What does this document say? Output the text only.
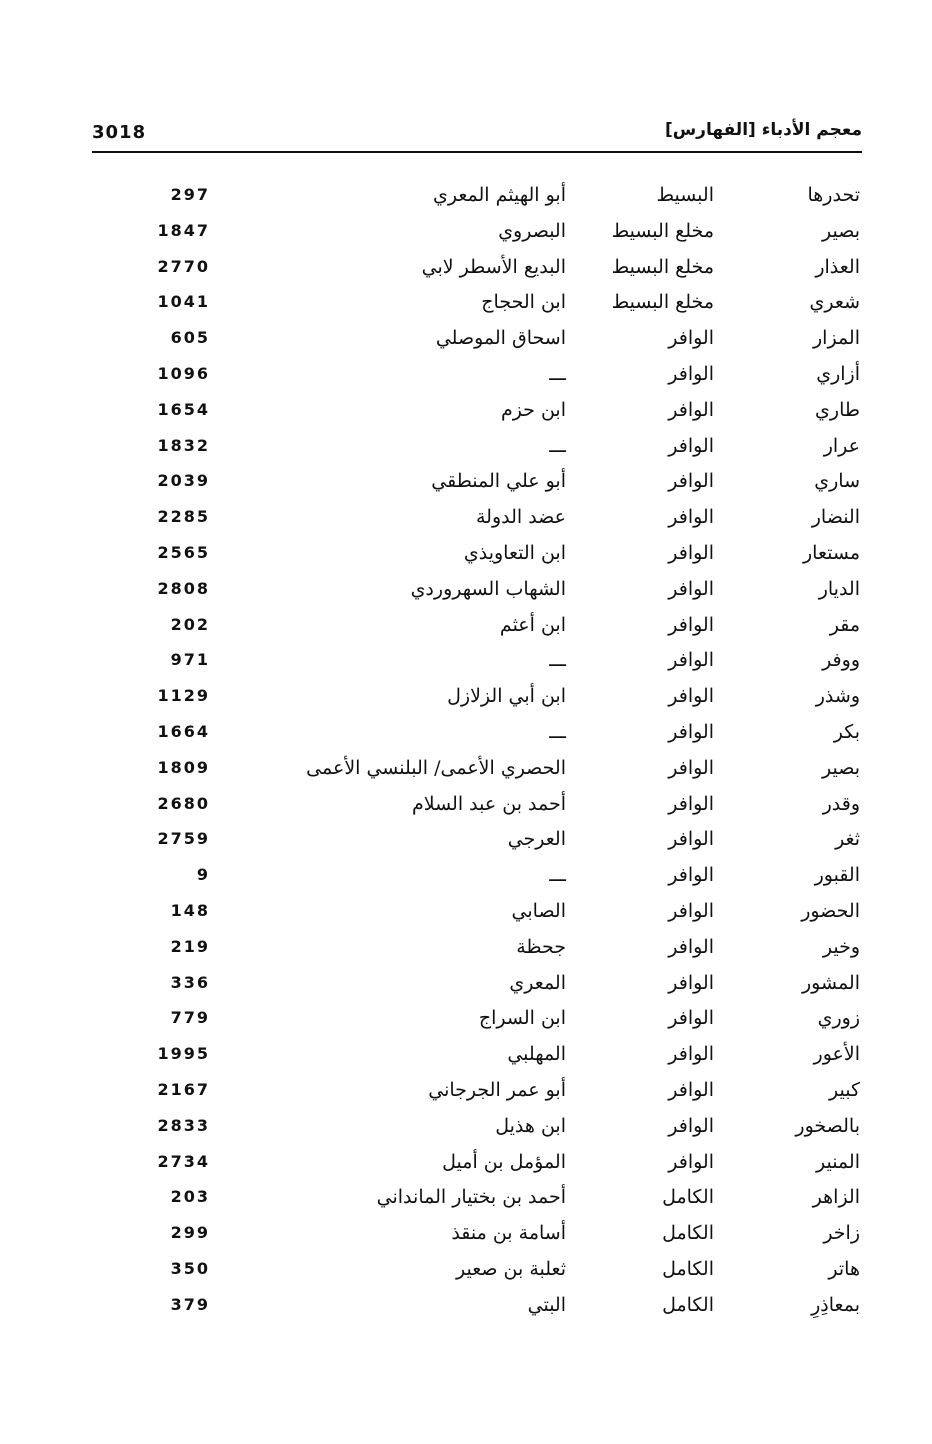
3018	معجم الأدباء [الفهارس]
تحدرها
البسيط
أبو الهيثم المعري
297
بصير
مخلع البسيط
البصروي
1847
العذار
مخلع البسيط
البديع الأسطر لابي
2770
شعري
مخلع البسيط
ابن الحجاج
1041
المزار
الوافر
اسحاق الموصلي
605
أزاري
الوافر
ـــ
1096
طاري
الوافر
ابن حزم
1654
عرار
الوافر
ـــ
1832
ساري
الوافر
أبو علي المنطقي
2039
النضار
الوافر
عضد الدولة
2285
مستعار
الوافر
ابن التعاويذي
2565
الديار
الوافر
الشهاب السهروردي
2808
مقر
الوافر
ابن أعثم
202
ووفر
الوافر
ـــ
971
وشذر
الوافر
ابن أبي الزلازل
1129
بكر
الوافر
ـــ
1664
بصير
الوافر
الحصري الأعمى/ البلنسي الأعمى
1809
وقدر
الوافر
أحمد بن عبد السلام
2680
ثغر
الوافر
العرجي
2759
القبور
الوافر
ـــ
9
الحضور
الوافر
الصابي
148
وخير
الوافر
جحظة
219
المشور
الوافر
المعري
336
زوري
الوافر
ابن السراج
779
الأعور
الوافر
المهلبي
1995
كبير
الوافر
أبو عمر الجرجاني
2167
بالصخور
الوافر
ابن هذيل
2833
المنير
الوافر
المؤمل بن أميل
2734
الزاهر
الكامل
أحمد بن بختيار المانداني
203
زاخر
الكامل
أسامة بن منقذ
299
هاتر
الكامل
ثعلبة بن صعير
350
بمعاذِرِ
الكامل
البتي
379
